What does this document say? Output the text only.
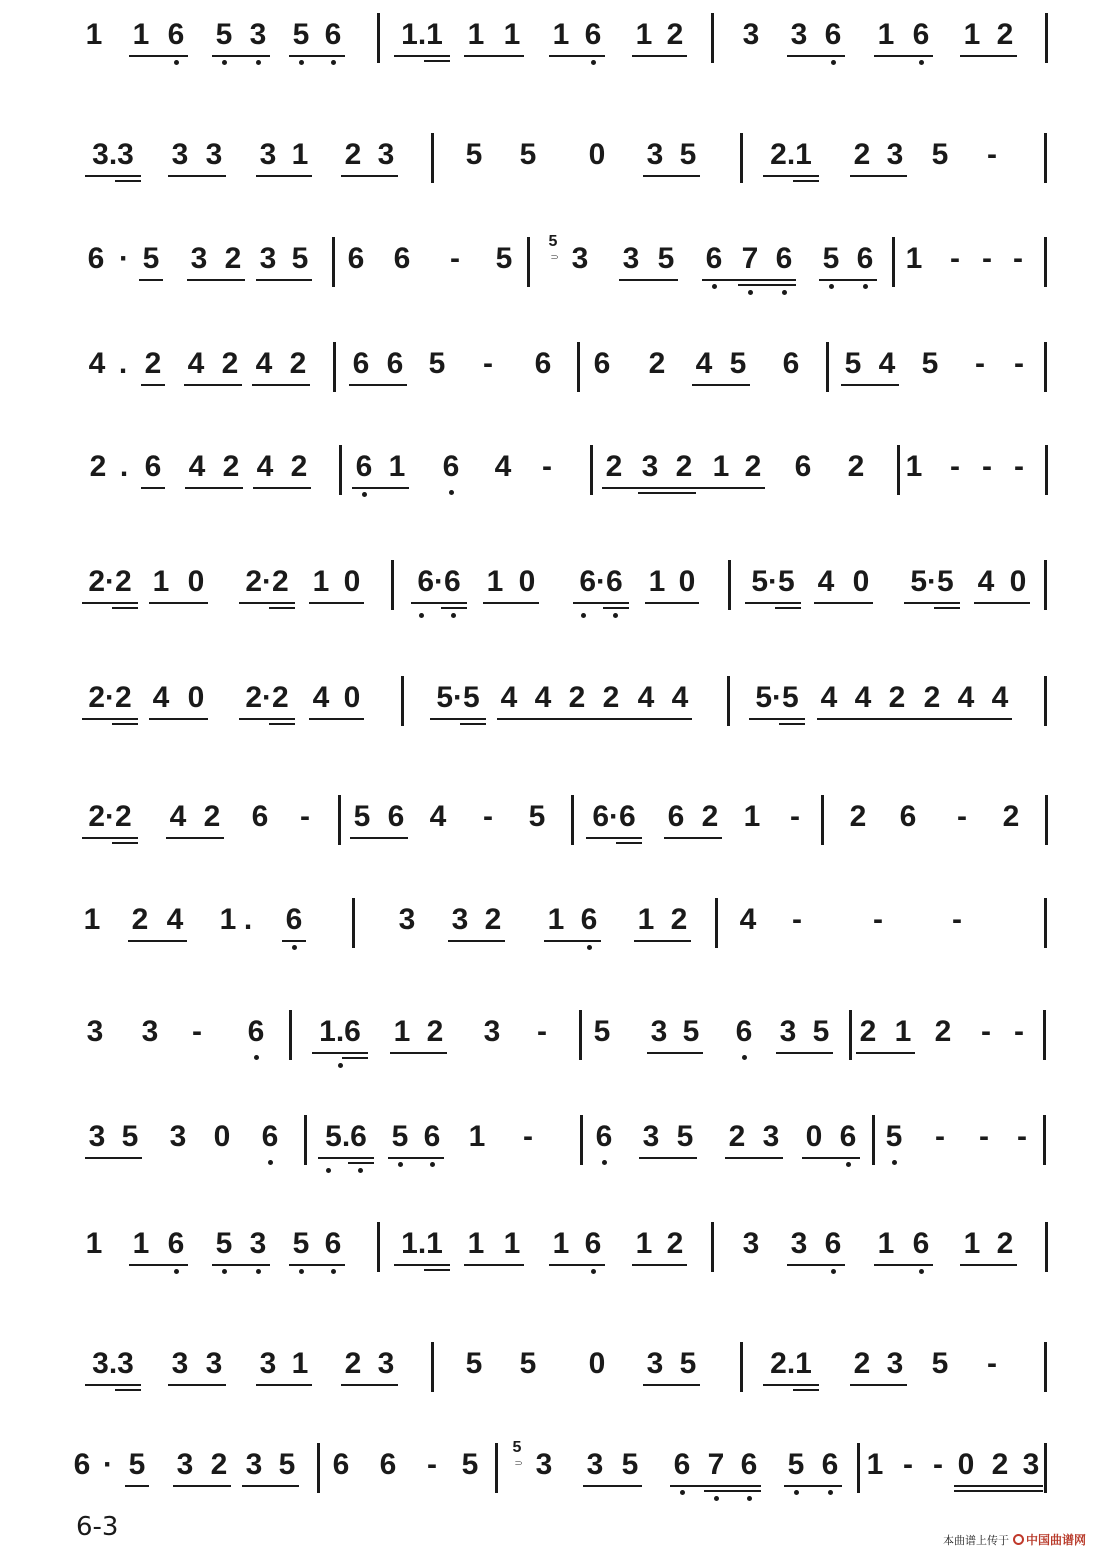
1 1 6 5 3 5 6	1.1 1 1 1 6 1 2 3 3 6 1 6 1 2
3.3	3 3 3 1 2 3 5 5 0 3 5	2.1	2 3 5 -
6 · 5 3 2 3 5 6 6 - 5
5
⸧ 3 3 5 6 7 6 5 6 1 - - -
4 . 2 4 2 4 2 6 6 5 - 6 6 2 4 5 6 5 4 5 - -
2 . 6 4 2 4 2 6 1 6 4 - 2 3 2 1 2 6 2 1 - - -
2·2 1 0 2·2 1 0 6·6 1 0 6·6 1 0 5·5 4 0 5·5 4 0
2·2 4 0 2·2 4 0	5·5 4 4 2 2 4 4 5·5 4 4 2 2 4 4
2·2 4 2 6 - 5 6 4 - 5 6·6 6 2 1 - 2 6 - 2
1 2 4 1 . 6	3 3 2 1 6 1 2 4 - - -
3 3 - 6	1.6	1 2 3 - 5 3 5 6 3 5 2 1 2 - -
3 5 3 0 6	5.6 5 6 1 - 6 3 5 2 3 0 6 5 - - -
1 1 6 5 3 5 6	1.1 1 1 1 6 1 2 3 3 6 1 6 1 2
3.3	3 3 3 1 2 3 5 5 0 3 5	2.1	2 3 5 -
6 · 5 3 2 3 5 6 6 - 5
5
⸧ 3 3 5 6 7 6 5 6 1 - - 0 2 3
6-3	本曲谱上传于 中国曲谱网
